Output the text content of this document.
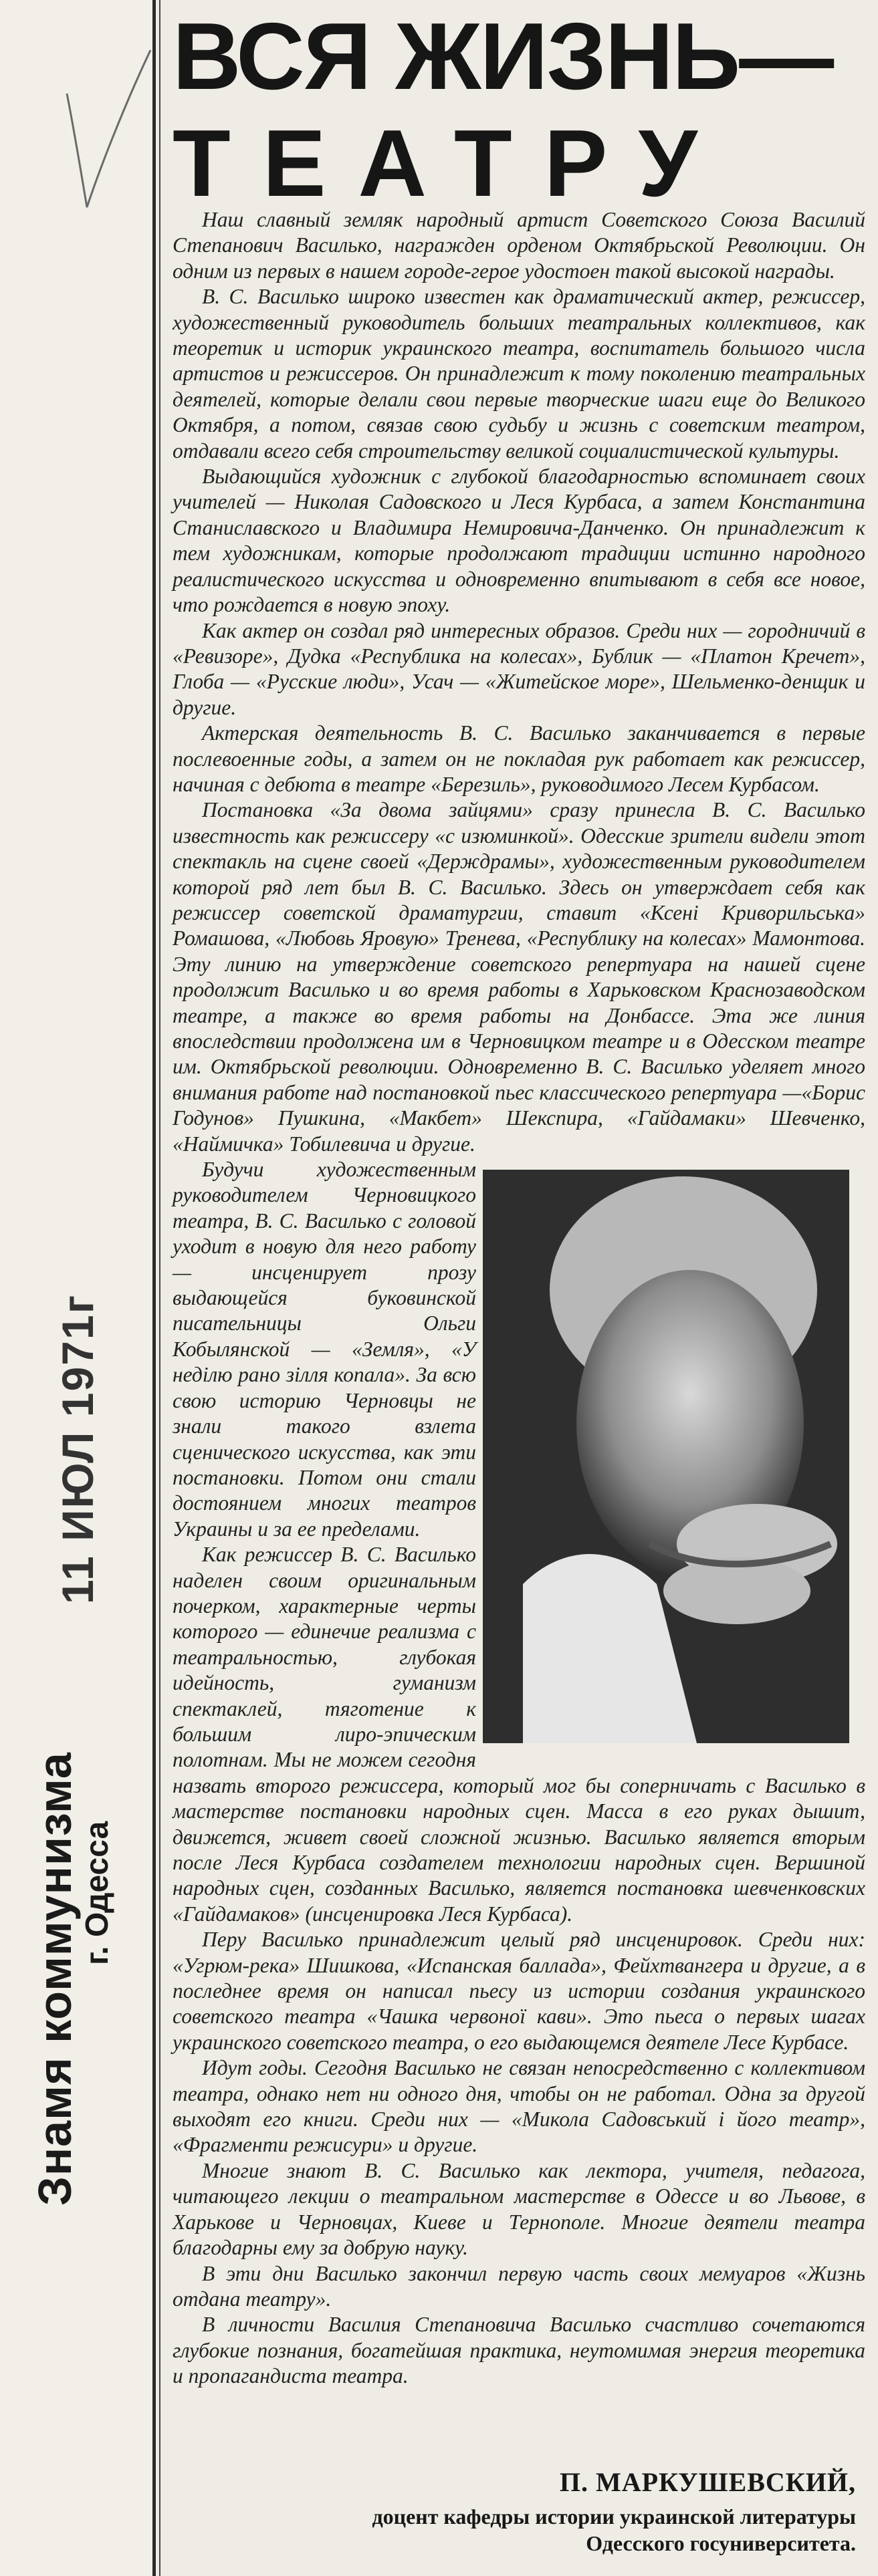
11 ИЮЛ 1971г
Знамя коммунизма
г. Одесса
ВСЯ ЖИЗНЬ—
ТЕАТРУ

Наш славный земляк народный артист Советского Союза Василий Степанович Василько, награжден орденом Октябрьской Революции. Он одним из первых в нашем городе-герое удостоен такой высокой награды.

В. С. Василько широко известен как драматический актер, режиссер, художественный руководитель больших театральных коллективов, как теоретик и историк украинского театра, воспитатель большого числа артистов и режиссеров. Он принадлежит к тому поколению театральных деятелей, которые делали свои первые творческие шаги еще до Великого Октября, а потом, связав свою судьбу и жизнь с советским театром, отдавали всего себя строительству великой социалистической культуры.

Выдающийся художник с глубокой благодарностью вспоминает своих учителей — Николая Садовского и Леся Курбаса, а затем Константина Станиславского и Владимира Немировича-Данченко. Он принадлежит к тем художникам, которые продолжают традиции истинно народного реалистического искусства и одновременно впитывают в себя все новое, что рождается в новую эпоху.

Как актер он создал ряд интересных образов. Среди них — городничий в «Ревизоре», Дудка «Республика на колесах», Бублик — «Платон Кречет», Глоба — «Русские люди», Усач — «Житейское море», Шельменко-денщик и другие.

Актерская деятельность В. С. Василько заканчивается в первые послевоенные годы, а затем он не покладая рук работает как режиссер, начиная с дебюта в театре «Березиль», руководимого Лесем Курбасом.

Постановка «За двома зайцями» сразу принесла В. С. Василько известность как режиссеру «с изюминкой». Одесские зрители видели этот спектакль на сцене своей «Держдрамы», художественным руководителем которой ряд лет был В. С. Василько. Здесь он утверждает себя как режиссер советской драматургии, ставит «Ксені Криворильська» Ромашова, «Любовь Яровую» Тренева, «Республику на колесах» Мамонтова. Эту линию на утверждение советского репертуара на нашей сцене продолжит Василько и во время работы в Харьковском Краснозаводском театре, а также во время работы на Донбассе. Эта же линия впоследствии продолжена им в Черновицком театре и в Одесском театре им. Октябрьской революции. Одновременно В. С. Василько уделяет много внимания работе над постановкой пьес классического репертуара —«Борис Годунов» Пушкина, «Макбет» Шекспира, «Гайдамаки» Шевченко, «Наймичка» Тобилевича и другие.

Будучи художественным руководителем Черновицкого театра, В. С. Василько с головой уходит в новую для него работу — инсценирует прозу выдающейся буковинской писательницы Ольги Кобылянской — «Земля», «У неділю рано зілля копала». За всю свою историю Черновцы не знали такого взлета сценического искусства, как эти постановки. Потом они стали достоянием многих театров Украины и за ее пределами.

Как режиссер В. С. Василько наделен своим оригинальным почерком, характерные черты которого — единечие реализма с театральностью, глубокая идейность, гуманизм спектаклей, тяготение к большим лиро-эпическим полотнам. Мы не можем сегодня назвать второго режиссера, который мог бы соперничать с Василько в мастерстве постановки народных сцен. Масса в его руках дышит, движется, живет своей сложной жизнью. Василько является вторым после Леся Курбаса создателем технологии народных сцен. Вершиной народных сцен, созданных Василько, является постановка шевченковских «Гайдамаков» (инсценировка Леся Курбаса).

Перу Василько принадлежит целый ряд инсценировок. Среди них: «Угрюм-река» Шишкова, «Испанская баллада», Фейхтвангера и другие, а в последнее время он написал пьесу из истории создания украинского советского театра «Чашка червоної кави». Это пьеса о первых шагах украинского советского театра, о его выдающемся деятеле Лесе Курбасе.

Идут годы. Сегодня Василько не связан непосредственно с коллективом театра, однако нет ни одного дня, чтобы он не работал. Одна за другой выходят его книги. Среди них — «Микола Садовський і його театр», «Фрагменти режисури» и другие.

Многие знают В. С. Василько как лектора, учителя, педагога, читающего лекции о театральном мастерстве в Одессе и во Львове, в Харькове и Черновцах, Киеве и Тернополе. Многие деятели театра благодарны ему за добрую науку.

В эти дни Василько закончил первую часть своих мемуаров «Жизнь отдана театру».

В личности Василия Степановича Василько счастливо сочетаются глубокие познания, богатейшая практика, неутомимая энергия теоретика и пропагандиста театра.

П. МАРКУШЕВСКИЙ,
доцент кафедры истории украинской литературы
Одесского госуниверситета.
